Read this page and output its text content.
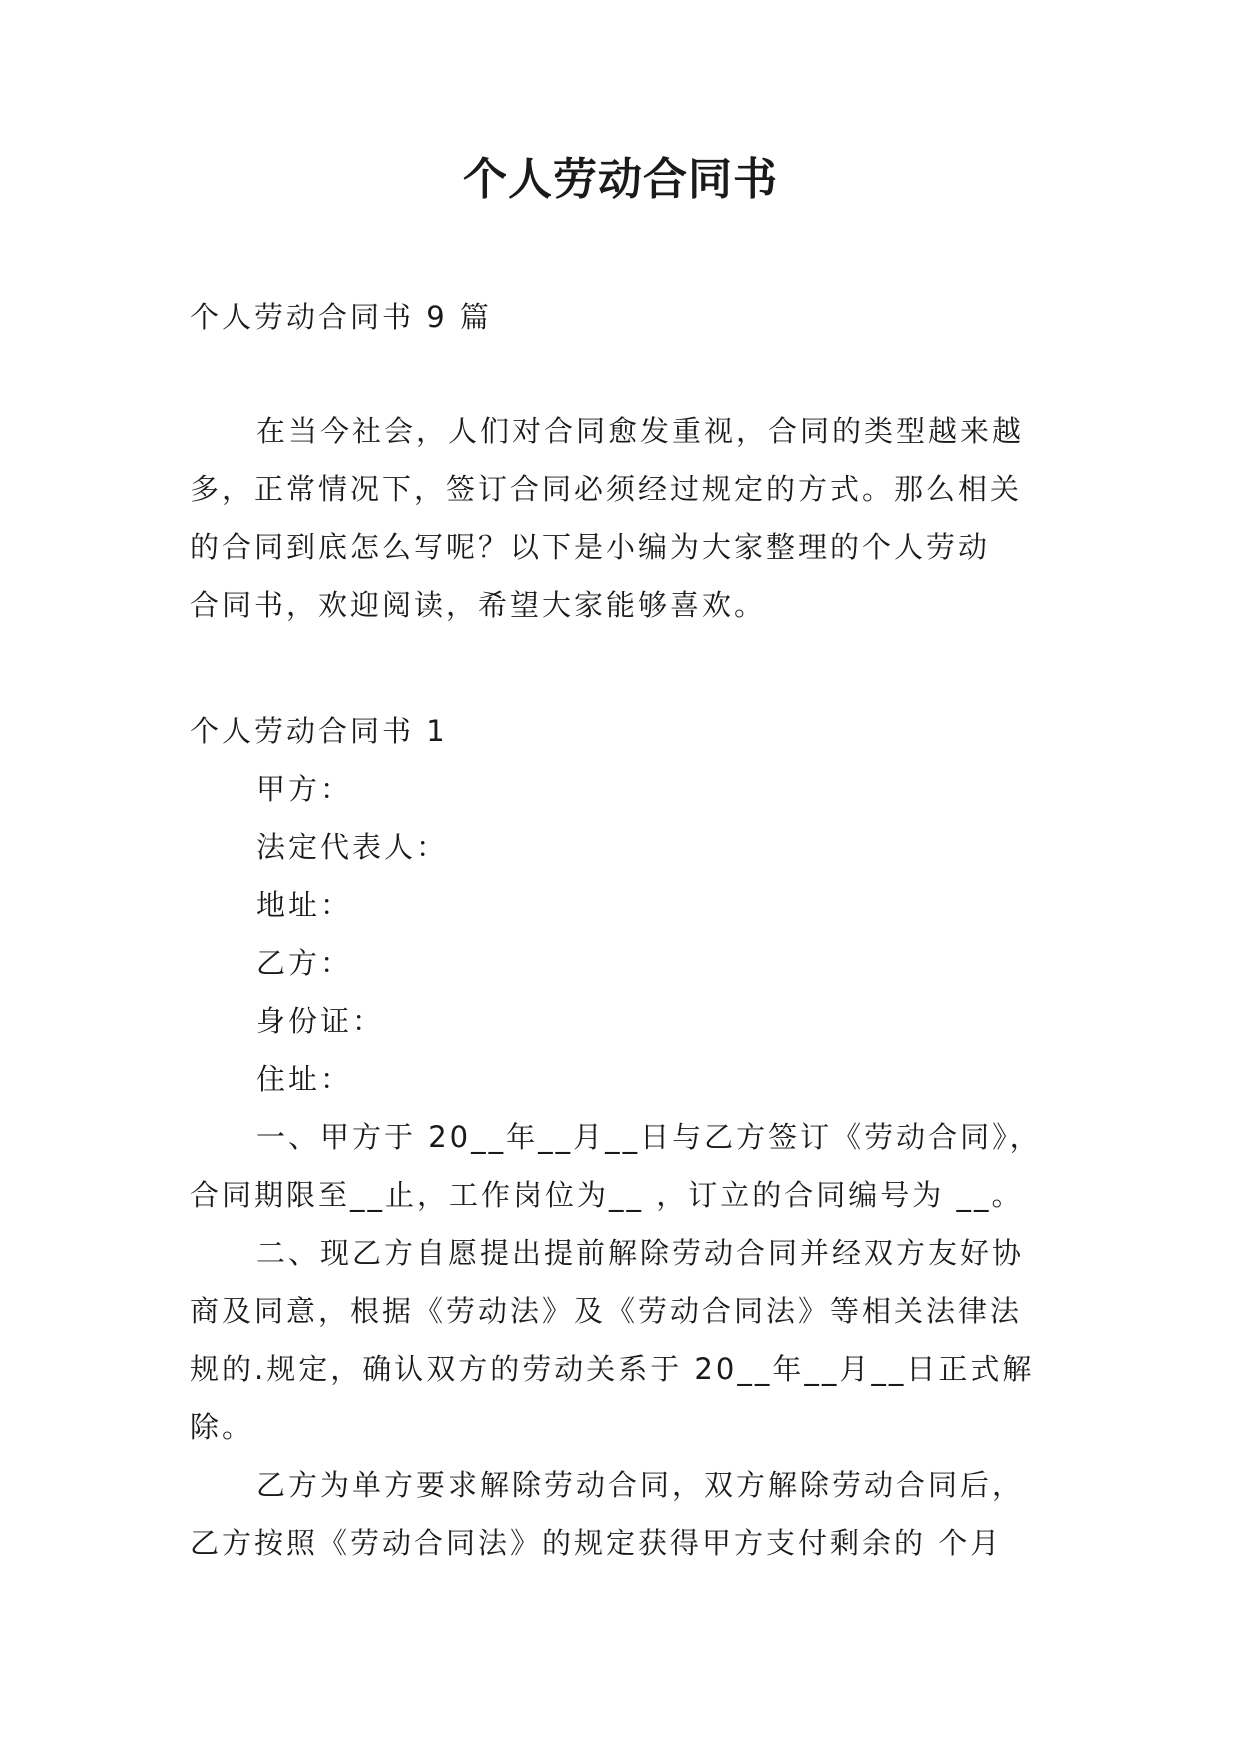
个人劳动合同书
个人劳动合同书 9 篇
在当今社会，人们对合同愈发重视，合同的类型越来越
多，正常情况下，签订合同必须经过规定的方式。那么相关
的合同到底怎么写呢？以下是小编为大家整理的个人劳动
合同书，欢迎阅读，希望大家能够喜欢。
个人劳动合同书 1
甲方：
法定代表人：
地址：
乙方：
身份证：
住址：
一、甲方于 20__年__月__日与乙方签订《劳动合同》，
合同期限至__止，工作岗位为__ ，订立的合同编号为 __。
二、现乙方自愿提出提前解除劳动合同并经双方友好协
商及同意，根据《劳动法》及《劳动合同法》等相关法律法
规的.规定，确认双方的劳动关系于 20__年__月__日正式解
除。
乙方为单方要求解除劳动合同，双方解除劳动合同后，
乙方按照《劳动合同法》的规定获得甲方支付剩余的 个月
